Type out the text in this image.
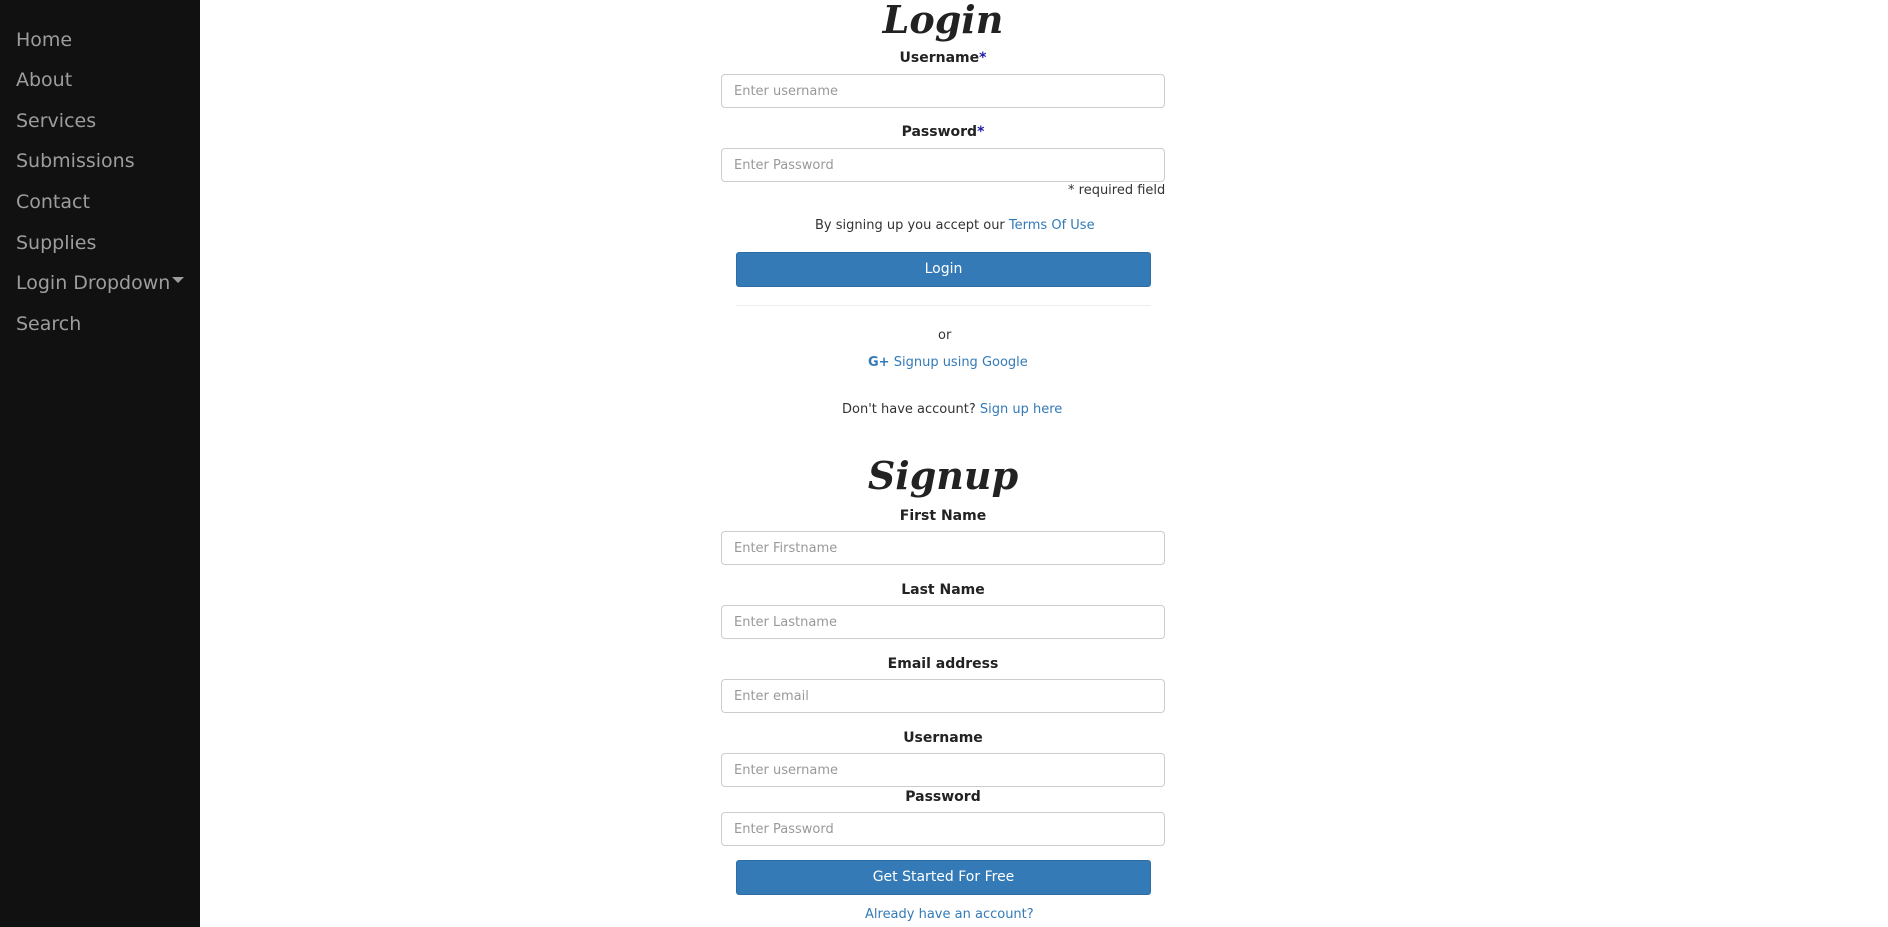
Home
About
Services
Submissions
Contact
Supplies
Login Dropdown
Search
Login
Username*
Enter username
Password*
* required field
By signing up you accept our Terms Of Use
Login
or
G+ Signup using Google
Don't have account? Sign up here
Signup
First Name
Enter Firstname
Last Name
Enter Lastname
Email address
Enter email
Username
Enter username
Password
Get Started For Free
Already have an account?
